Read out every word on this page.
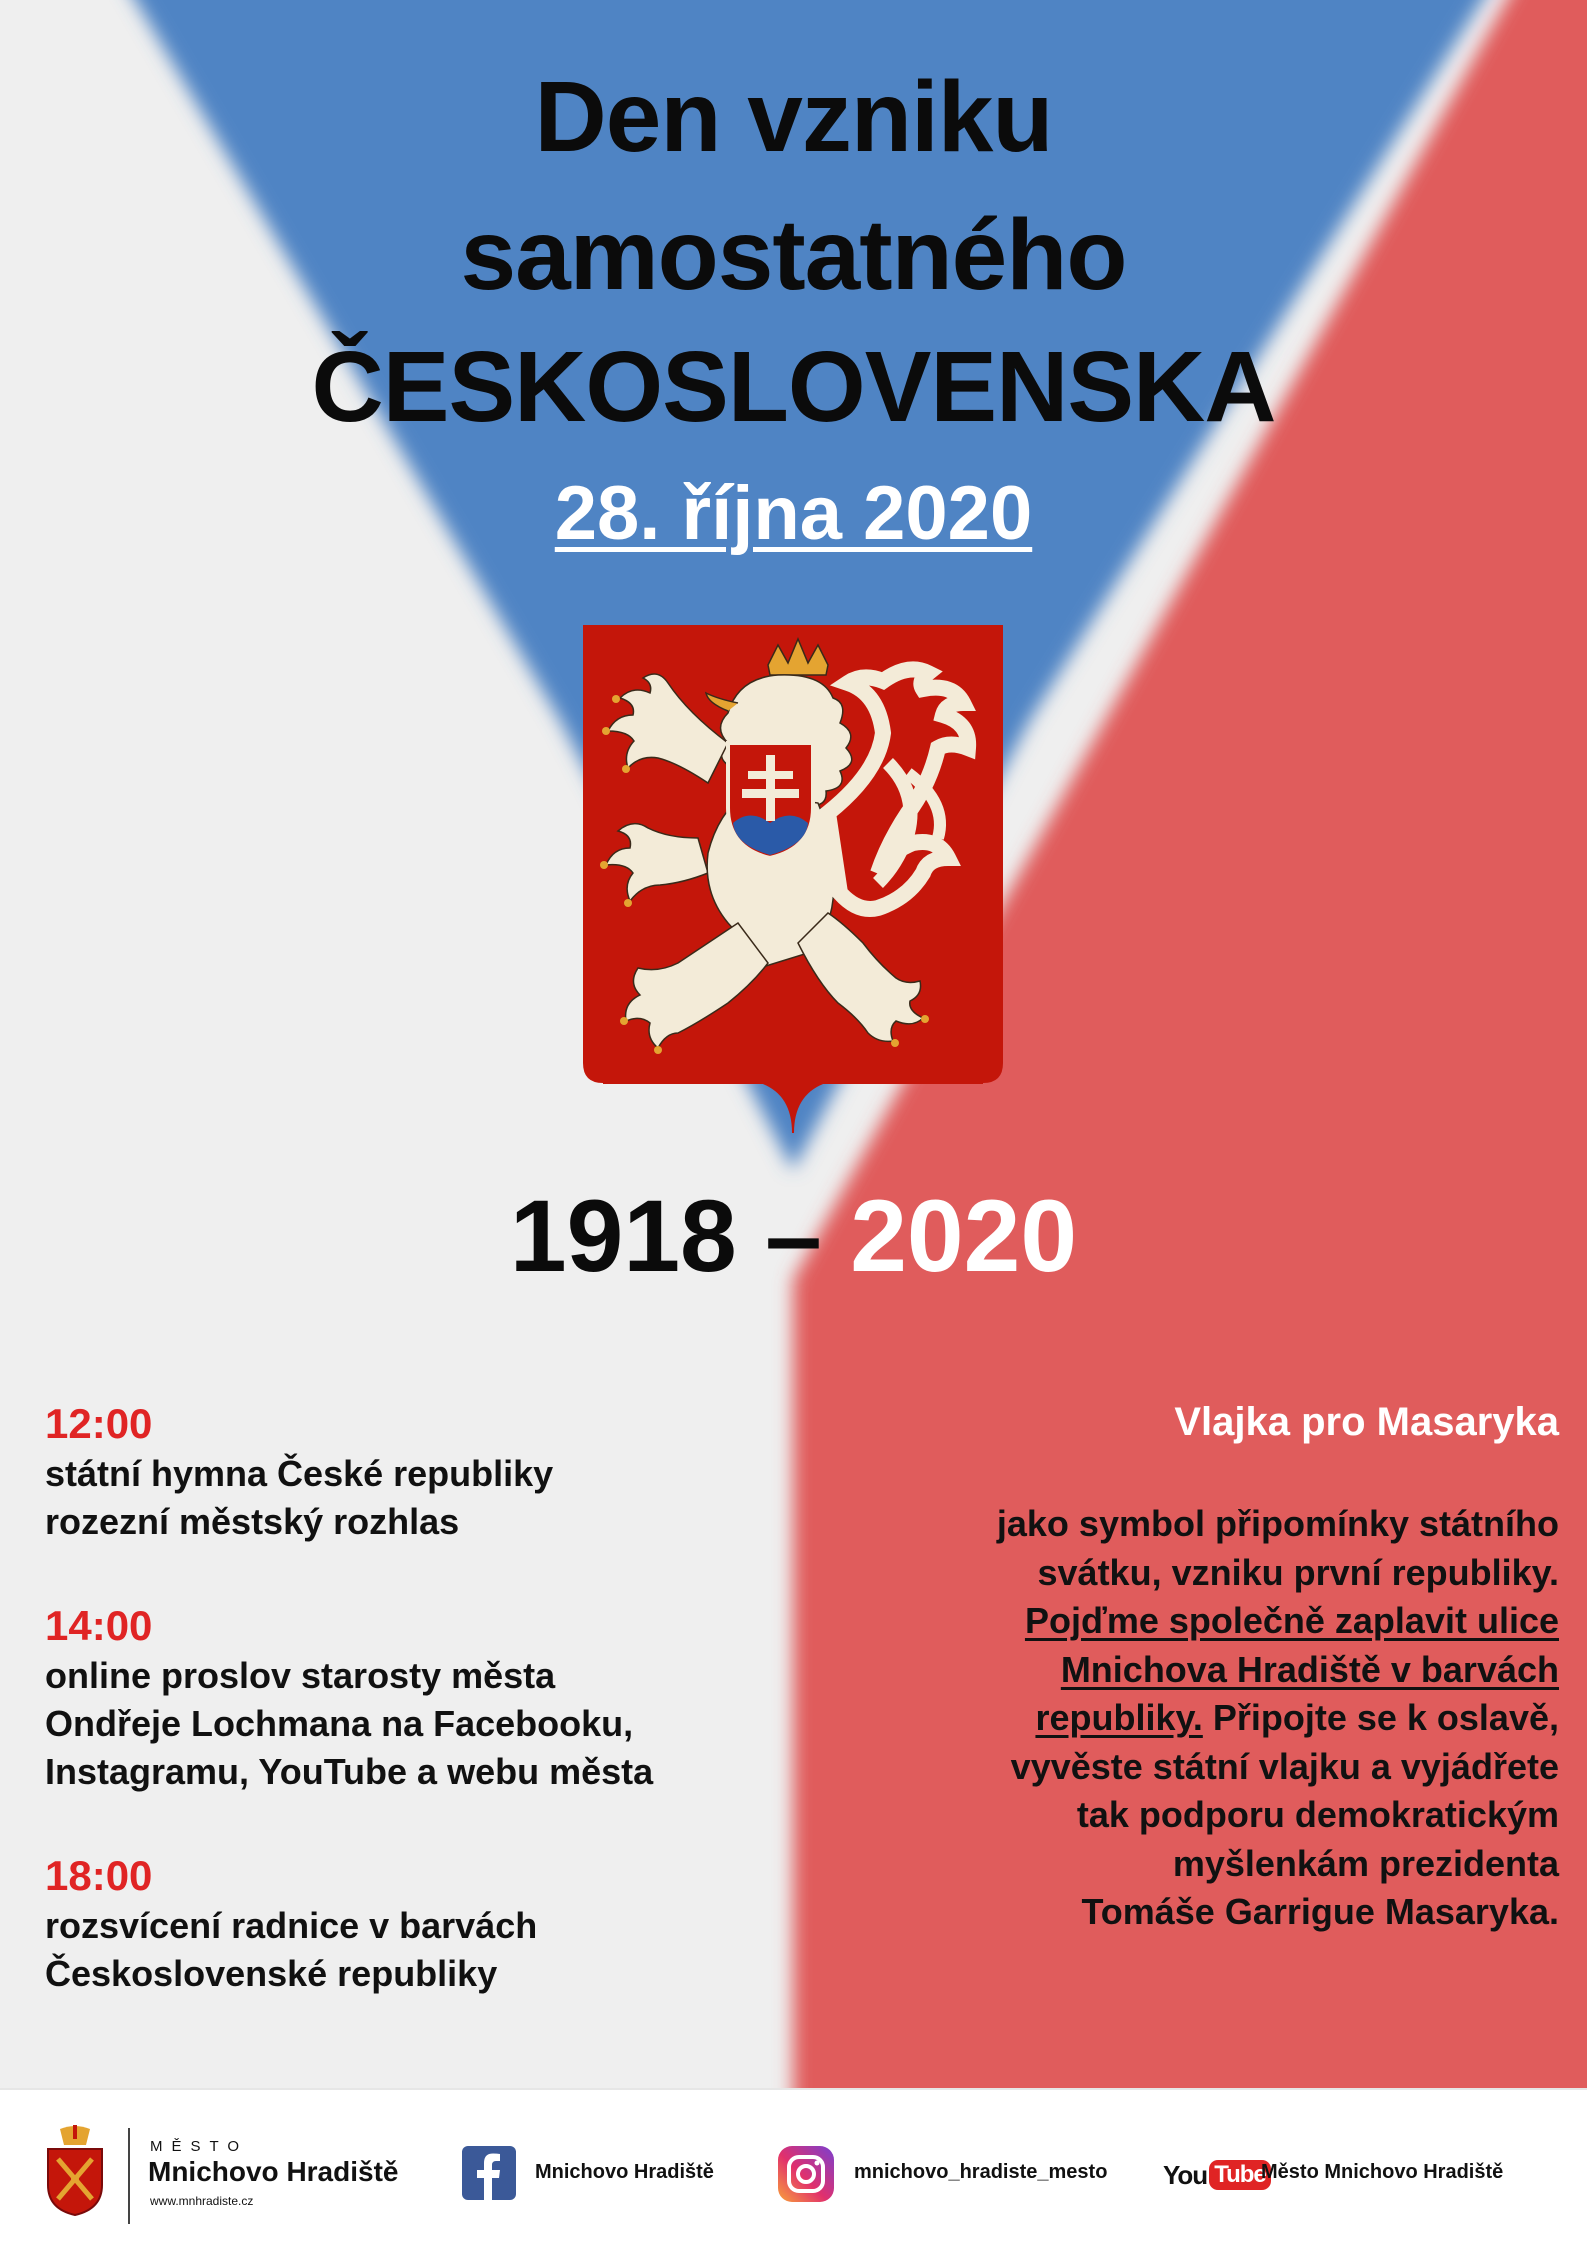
Den vzniku
samostatného
ČESKOSLOVENSKA
28. října 2020
1918 – 2020
12:00
státní hymna České republiky
rozezní městský rozhlas
14:00
online proslov starosty města
Ondřeje Lochmana na Facebooku,
Instagramu, YouTube a webu města
18:00
rozsvícení radnice v barvách
Československé republiky
Vlajka pro Masaryka
jako symbol připomínky státního
svátku, vzniku první republiky.
Pojďme společně zaplavit ulice
Mnichova Hradiště v barvách
republiky. Připojte se k oslavě,
vyvěste státní vlajku a vyjádřete
tak podporu demokratickým
myšlenkám prezidenta
Tomáše Garrigue Masaryka.
MĚSTO
Mnichovo Hradiště
www.mnhradiste.cz
Mnichovo Hradiště	mnichovo_hradiste_mesto You Tube
Město Mnichovo Hradiště
